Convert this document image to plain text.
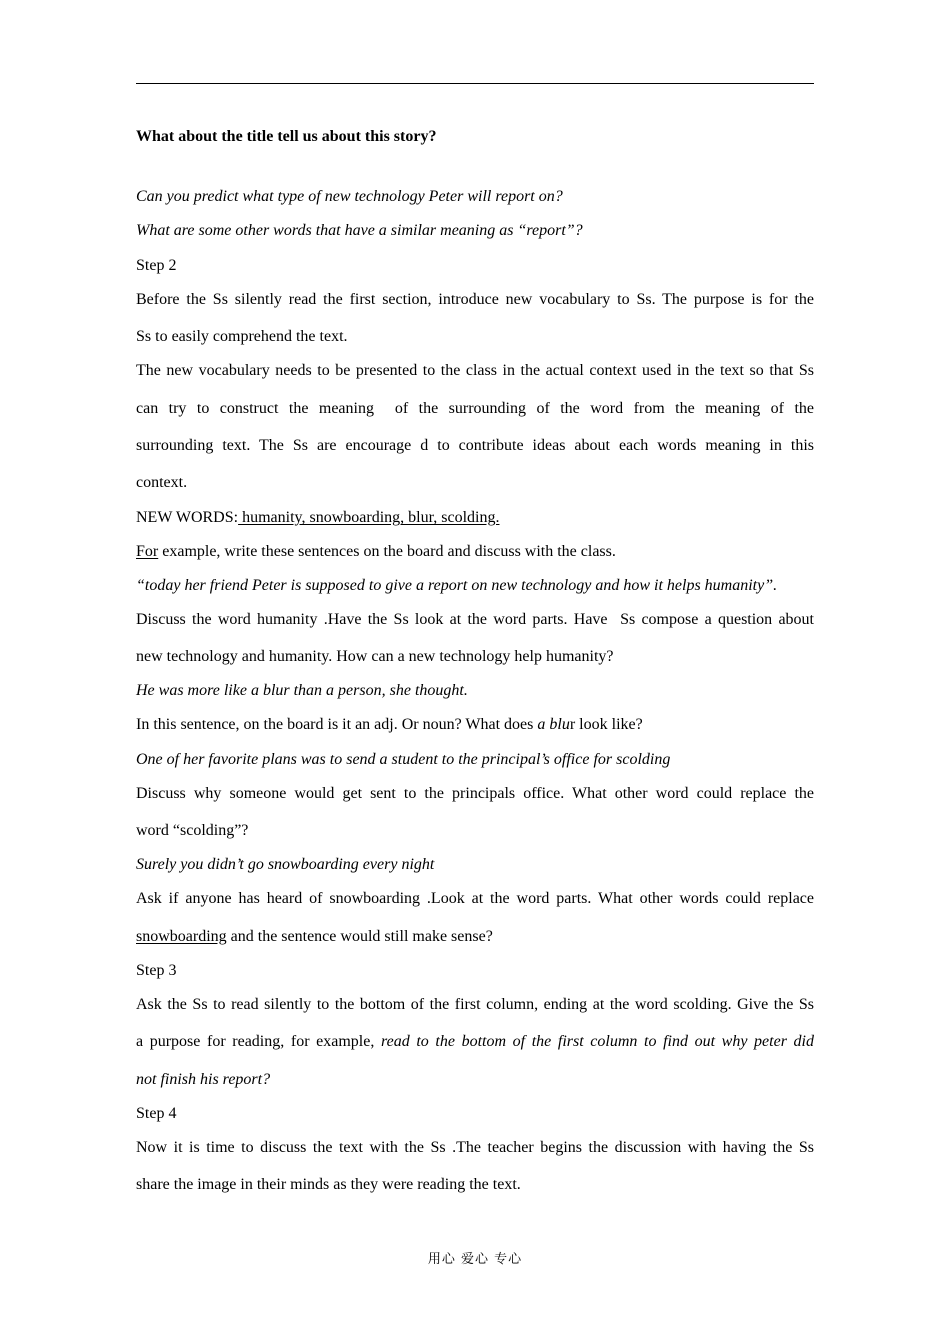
What about the title tell us about this story?
Can you predict what type of new technology Peter will report on?
What are some other words that have a similar meaning as “report”?
Step 2
Before the Ss silently read the first section, introduce new vocabulary to Ss. The purpose is for the
Ss to easily comprehend the text.
The new vocabulary needs to be presented to the class in the actual context used in the text so that Ss
can try to construct the meaning  of the surrounding of the word from the meaning of the
surrounding text. The Ss are encourage d to contribute ideas about each words meaning in this
context.
NEW WORDS: humanity, snowboarding, blur, scolding.
For example, write these sentences on the board and discuss with the class.
“today her friend Peter is supposed to give a report on new technology and how it helps humanity”.
Discuss the word humanity .Have the Ss look at the word parts. Have  Ss compose a question about
new technology and humanity. How can a new technology help humanity?
He was more like a blur than a person, she thought.
In this sentence, on the board is it an adj. Or noun? What does a blur look like?
One of her favorite plans was to send a student to the principal’s office for scolding
Discuss why someone would get sent to the principals office. What other word could replace the
word “scolding”?
Surely you didn’t go snowboarding every night
Ask if anyone has heard of snowboarding .Look at the word parts. What other words could replace
snowboarding and the sentence would still make sense?
Step 3
Ask the Ss to read silently to the bottom of the first column, ending at the word scolding. Give the Ss
a purpose for reading, for example, read to the bottom of the first column to find out why peter did
not finish his report?
Step 4
Now it is time to discuss the text with the Ss .The teacher begins the discussion with having the Ss
share the image in their minds as they were reading the text.
用心 爱心 专心
